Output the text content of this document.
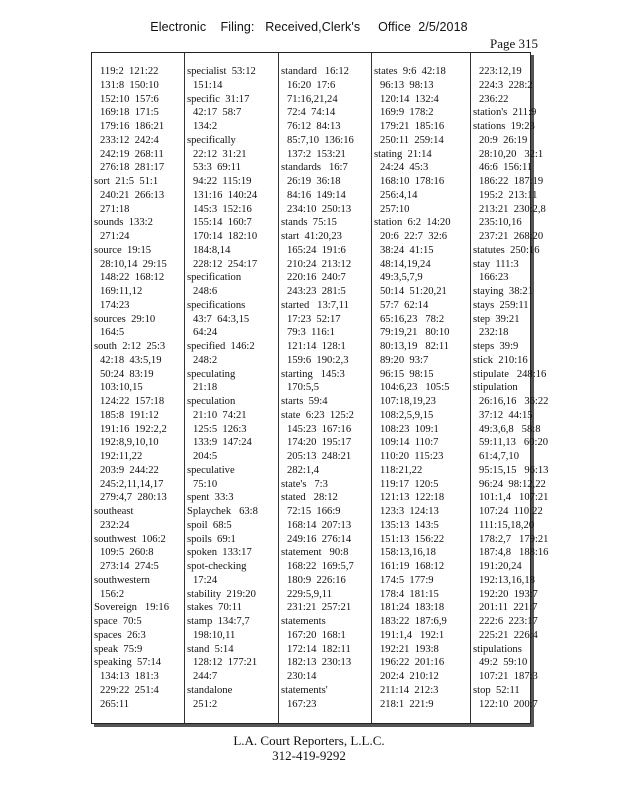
Electronic    Filing:   Received,Clerk's     Office  2/5/2018
Page 315
119:2  121:22
131:8  150:10
152:10  157:6
169:18  171:5
179:16  186:21
233:12  242:4
242:19  268:11
276:18  281:17
sort  21:5  51:1
240:21  266:13
271:18
sounds  133:2
271:24
source  19:15
28:10,14  29:15
148:22  168:12
169:11,12
174:23
sources  29:10
164:5
south  2:12  25:3
42:18  43:5,19
50:24  83:19
103:10,15
124:22  157:18
185:8  191:12
191:16  192:2,2
192:8,9,10,10
192:11,22
203:9  244:22
245:2,11,14,17
279:4,7  280:13
southeast
232:24
southwest  106:2
109:5  260:8
273:14  274:5
southwestern
156:2
Sovereign   19:16
space  70:5
spaces  26:3
speak  75:9
speaking  57:14
134:13  181:3
229:22  251:4
265:11
specialist  53:12
151:14
specific  31:17
42:17  58:7
134:2
specifically
22:12  31:21
53:3  69:11
94:22  115:19
131:16  140:24
145:3  152:16
155:14  160:7
170:14  182:10
184:8,14
228:12  254:17
specification
248:6
specifications
43:7  64:3,15
64:24
specified  146:2
248:2
speculating
21:18
speculation
21:10  74:21
125:5  126:3
133:9  147:24
204:5
speculative
75:10
spent  33:3
Splaychek   63:8
spoil  68:5
spoils  69:1
spoken  133:17
spot-checking
17:24
stability  219:20
stakes  70:11
stamp  134:7,7
198:10,11
stand  5:14
128:12  177:21
244:7
standalone
251:2
standard   16:12
16:20  17:6
71:16,21,24
72:4  74:14
76:12  84:13
85:7,10  136:16
137:2  153:21
standards   16:7
26:19  36:18
84:16  149:14
234:10  250:13
stands  75:15
start  41:20,23
165:24  191:6
210:24  213:12
220:16  240:7
243:23  281:5
started   13:7,11
17:23  52:17
79:3  116:1
121:14  128:1
159:6  190:2,3
starting   145:3
170:5,5
starts  59:4
state  6:23  125:2
145:23  167:16
174:20  195:17
205:13  248:21
282:1,4
state's   7:3
stated   28:12
72:15  166:9
168:14  207:13
249:16  276:14
statement   90:8
168:22  169:5,7
180:9  226:16
229:5,9,11
231:21  257:21
statements
167:20  168:1
172:14  182:11
182:13  230:13
230:14
statements'
167:23
states  9:6  42:18
96:13  98:13
120:14  132:4
169:9  178:2
179:21  185:16
250:11  259:14
stating  21:14
24:24  45:3
168:10  178:16
256:4,14
257:10
station  6:2  14:20
20:6  22:7  32:6
38:24  41:15
48:14,19,24
49:3,5,7,9
50:14  51:20,21
57:7  62:14
65:16,23   78:2
79:19,21   80:10
80:13,19   82:11
89:20  93:7
96:15  98:15
104:6,23   105:5
107:18,19,23
108:2,5,9,15
108:23  109:1
109:14  110:7
110:20  115:23
118:21,22
119:17  120:5
121:13  122:18
123:3  124:13
135:13  143:5
151:13  156:22
158:13,16,18
161:19  168:12
174:5  177:9
178:4  181:15
181:24  183:18
183:22  187:6,9
191:1,4   192:1
192:21  193:8
196:22  201:16
202:4  210:12
211:14  212:3
218:1  221:9
223:12,19
224:3  228:2
236:22
station's  211:9
stations  19:23
20:9  26:19
28:10,20   32:1
46:6  156:11
186:22  187:19
195:2  213:11
213:21  230:2,8
235:10,16
237:21  268:20
statutes  250:16
stay  111:3
166:23
staying  38:21
stays  259:11
step  39:21
232:18
steps  39:9
stick  210:16
stipulate   248:16
stipulation
26:16,16   36:22
37:12  44:15
49:3,6,8   58:8
59:11,13   60:20
61:4,7,10
95:15,15   96:13
96:24  98:12,22
101:1,4   107:21
107:24  110:22
111:15,18,20
178:2,7   179:21
187:4,8   188:16
191:20,24
192:13,16,18
192:20  193:7
201:11  221:7
222:6  223:17
225:21  226:4
stipulations
49:2  59:10
107:21  187:3
stop  52:11
122:10  200:7
L.A. Court Reporters, L.L.C.
312-419-9292
